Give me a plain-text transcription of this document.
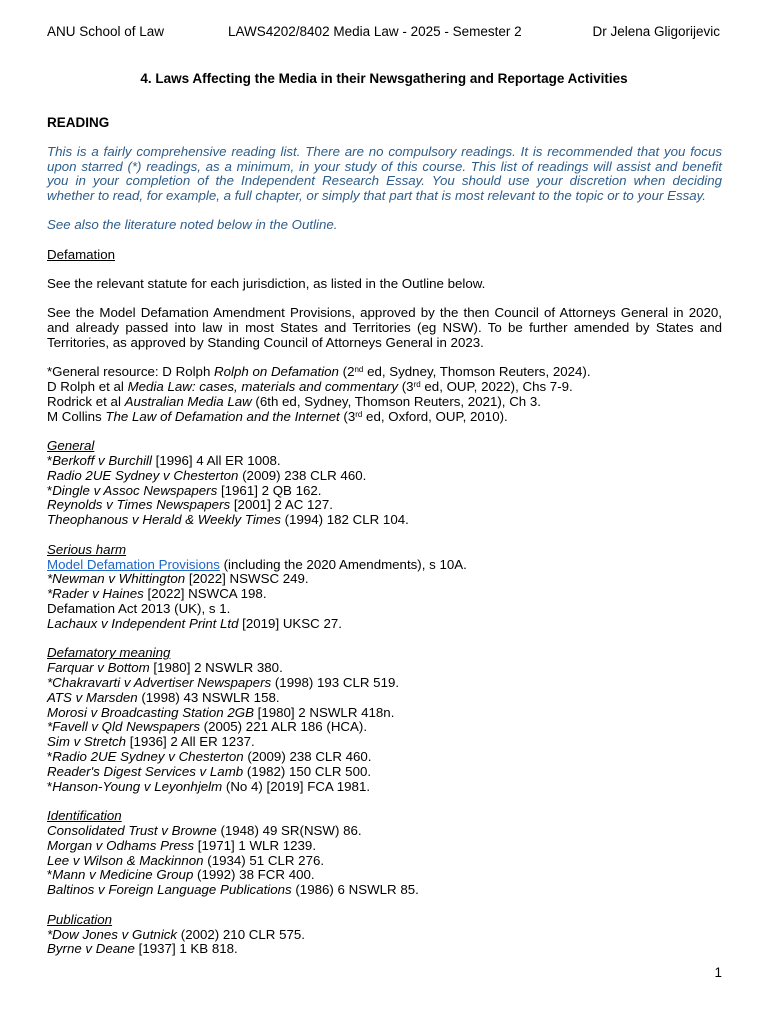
ANU School of Law	LAWS4202/8402 Media Law - 2025 - Semester 2	Dr Jelena Gligorijevic
4. Laws Affecting the Media in their Newsgathering and Reportage Activities
READING

This is a fairly comprehensive reading list. There are no compulsory readings. It is recommended that you focus upon starred (*) readings, as a minimum, in your study of this course. This list of readings will assist and benefit you in your completion of the Independent Research Essay. You should use your discretion when deciding whether to read, for example, a full chapter, or simply that part that is most relevant to the topic or to your Essay.

See also the literature noted below in the Outline.

Defamation

See the relevant statute for each jurisdiction, as listed in the Outline below.

See the Model Defamation Amendment Provisions, approved by the then Council of Attorneys General in 2020, and already passed into law in most States and Territories (eg NSW). To be further amended by States and Territories, as approved by Standing Council of Attorneys General in 2023.

*General resource: D Rolph Rolph on Defamation (2nd ed, Sydney, Thomson Reuters, 2024).
D Rolph et al Media Law: cases, materials and commentary (3rd ed, OUP, 2022), Chs 7-9.
Rodrick et al Australian Media Law (6th ed, Sydney, Thomson Reuters, 2021), Ch 3.
M Collins The Law of Defamation and the Internet (3rd ed, Oxford, OUP, 2010).
General
*Berkoff v Burchill [1996] 4 All ER 1008.
Radio 2UE Sydney v Chesterton (2009) 238 CLR 460.
*Dingle v Assoc Newspapers [1961] 2 QB 162.
Reynolds v Times Newspapers [2001] 2 AC 127.
Theophanous v Herald & Weekly Times (1994) 182 CLR 104.
Serious harm
Model Defamation Provisions (including the 2020 Amendments), s 10A.
*Newman v Whittington [2022] NSWSC 249.
*Rader v Haines [2022] NSWCA 198.
Defamation Act 2013 (UK), s 1.
Lachaux v Independent Print Ltd [2019] UKSC 27.
Defamatory meaning
Farquar v Bottom [1980] 2 NSWLR 380.
*Chakravarti v Advertiser Newspapers (1998) 193 CLR 519.
ATS v Marsden (1998) 43 NSWLR 158.
Morosi v Broadcasting Station 2GB [1980] 2 NSWLR 418n.
*Favell v Qld Newspapers (2005) 221 ALR 186 (HCA).
Sim v Stretch [1936] 2 All ER 1237.
*Radio 2UE Sydney v Chesterton (2009) 238 CLR 460.
Reader's Digest Services v Lamb (1982) 150 CLR 500.
*Hanson-Young v Leyonhjelm (No 4) [2019] FCA 1981.
Identification
Consolidated Trust v Browne (1948) 49 SR(NSW) 86.
Morgan v Odhams Press [1971] 1 WLR 1239.
Lee v Wilson & Mackinnon (1934) 51 CLR 276.
*Mann v Medicine Group (1992) 38 FCR 400.
Baltinos v Foreign Language Publications (1986) 6 NSWLR 85.
Publication
*Dow Jones v Gutnick (2002) 210 CLR 575.
Byrne v Deane [1937] 1 KB 818.
1
